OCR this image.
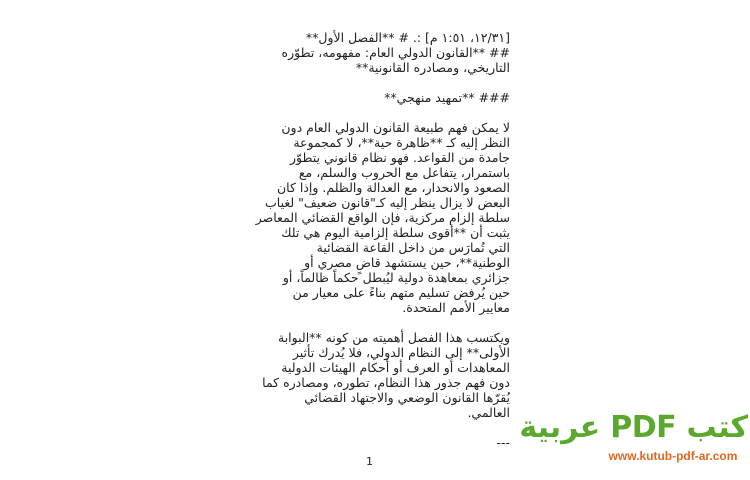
[١٢/٣١، ١:٥١ م] :. # **الفصل الأول**

## **القانون الدولي العام: مفهومه، تطوّره

التاريخي، ومصادره القانونية**

### **تمهيد منهجي**

لا يمكن فهم طبيعة القانون الدولي العام دون

النظر إليه كـ **ظاهرة حية**، لا كمجموعة

جامدة من القواعد. فهو نظام قانوني يتطوّر

باستمرار، يتفاعل مع الحروب والسلم، مع

الصعود والانحدار، مع العدالة والظلم. وإذا كان

البعض لا يزال ينظر إليه كـ"قانون ضعيف" لغياب

سلطة إلزام مركزية، فإن الواقع القضائي المعاصر

يثبت أن **أقوى سلطة إلزامية اليوم هي تلك

التي تُمارَس من داخل القاعة القضائية

الوطنية**، حين يستشهد قاضٍ مصري أو

جزائري بمعاهدة دولية ليُبطل حكماً ظالماً، أو

حين يُرفض تسليم متهم بناءً على معيار من

معايير الأمم المتحدة.

ويكتسب هذا الفصل أهميته من كونه **البوابة

الأولى** إلى النظام الدولي، فلا يُدرك تأثير

المعاهدات أو العرف أو أحكام الهيئات الدولية

دون فهم جذور هذا النظام، تطوره، ومصادره كما

يُقرّها القانون الوضعي والاجتهاد القضائي

العالمي.

---

1
كتب PDF عربية
www.kutub-pdf-ar.com
